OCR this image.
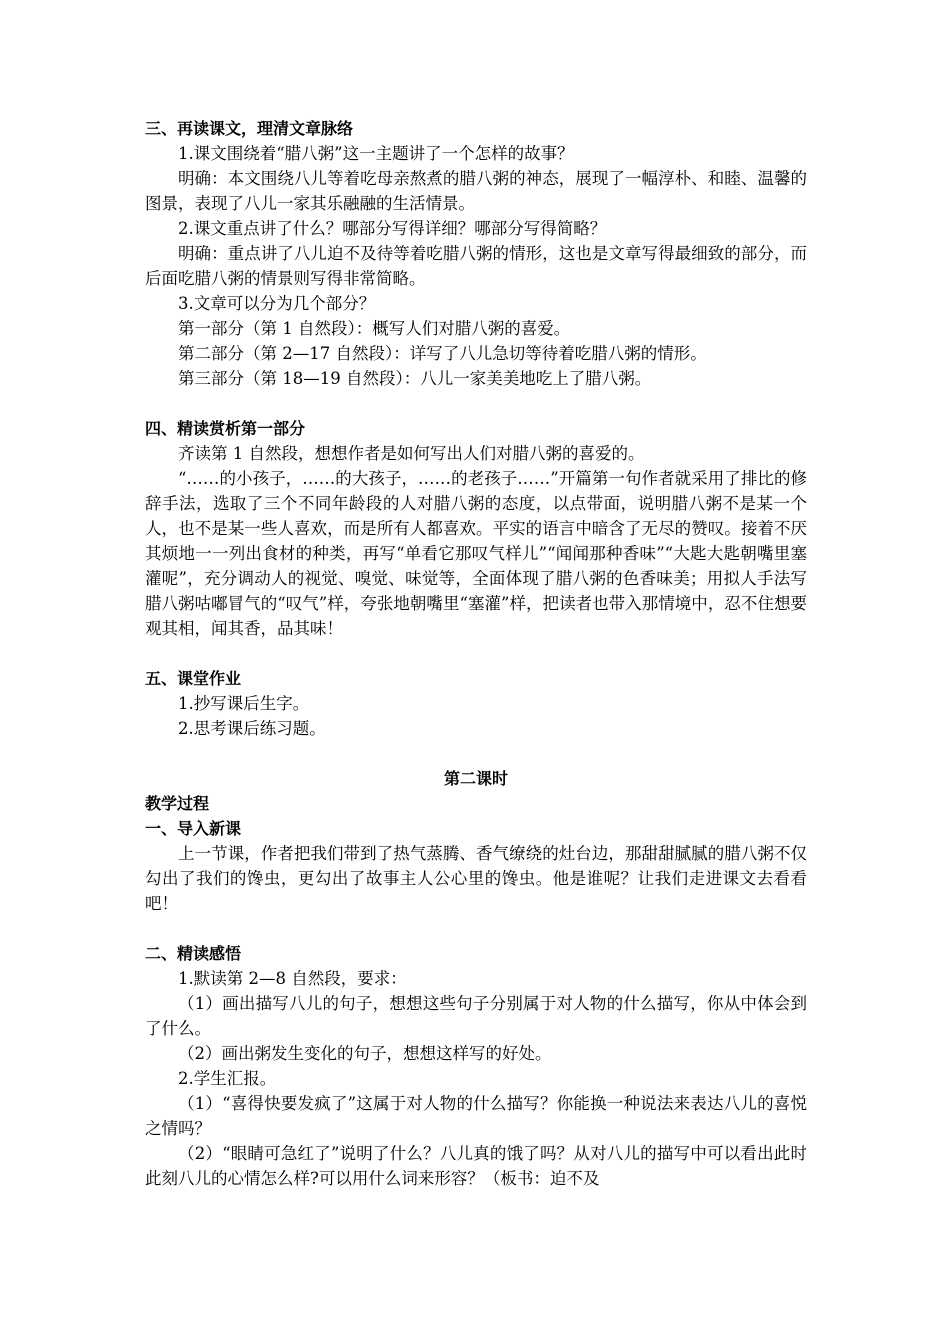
三、再读课文，理清文章脉络
1.课文围绕着“腊八粥”这一主题讲了一个怎样的故事？
明确：本文围绕八儿等着吃母亲熬煮的腊八粥的神态，展现了一幅淳朴、和睦、温馨的图景，表现了八儿一家其乐融融的生活情景。
2.课文重点讲了什么？哪部分写得详细？哪部分写得简略？
明确：重点讲了八儿迫不及待等着吃腊八粥的情形，这也是文章写得最细致的部分，而后面吃腊八粥的情景则写得非常简略。
3.文章可以分为几个部分？
第一部分（第 1 自然段）：概写人们对腊八粥的喜爱。
第二部分（第 2—17 自然段）：详写了八儿急切等待着吃腊八粥的情形。
第三部分（第 18—19 自然段）：八儿一家美美地吃上了腊八粥。
四、精读赏析第一部分
齐读第 1 自然段，想想作者是如何写出人们对腊八粥的喜爱的。
“……的小孩子，……的大孩子，……的老孩子……”开篇第一句作者就采用了排比的修辞手法，选取了三个不同年龄段的人对腊八粥的态度，以点带面，说明腊八粥不是某一个人，也不是某一些人喜欢，而是所有人都喜欢。平实的语言中暗含了无尽的赞叹。接着不厌其烦地一一列出食材的种类，再写“单看它那叹气样儿”“闻闻那种香味”“大匙大匙朝嘴里塞灌呢”，充分调动人的视觉、嗅觉、味觉等，全面体现了腊八粥的色香味美；用拟人手法写腊八粥咕嘟冒气的“叹气”样，夸张地朝嘴里“塞灌”样，把读者也带入那情境中，忍不住想要观其相，闻其香，品其味！
五、课堂作业
1.抄写课后生字。
2.思考课后练习题。
第二课时
教学过程
一、导入新课
上一节课，作者把我们带到了热气蒸腾、香气缭绕的灶台边，那甜甜腻腻的腊八粥不仅勾出了我们的馋虫，更勾出了故事主人公心里的馋虫。他是谁呢？让我们走进课文去看看吧！
二、精读感悟
1.默读第 2—8 自然段，要求：
（1）画出描写八儿的句子，想想这些句子分别属于对人物的什么描写，你从中体会到了什么。
（2）画出粥发生变化的句子，想想这样写的好处。
2.学生汇报。
（1）“喜得快要发疯了”这属于对人物的什么描写？你能换一种说法来表达八儿的喜悦之情吗？
（2）“眼睛可急红了”说明了什么？八儿真的饿了吗？从对八儿的描写中可以看出此时此刻八儿的心情怎么样?可以用什么词来形容？（板书：迫不及
